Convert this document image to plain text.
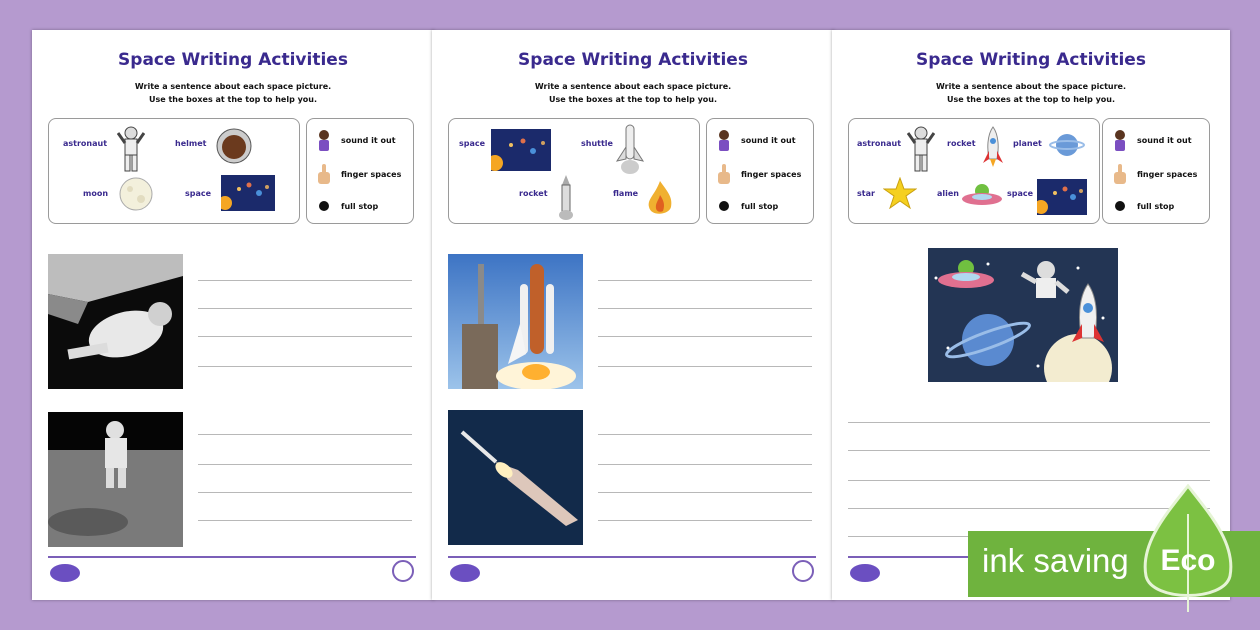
Space Writing Activities
Write a sentence about each space picture.
Use the boxes at the top to help you.
astronaut	helmet
moon	space
sound it out
finger spaces
full stop
Space Writing Activities
Write a sentence about each space picture.
Use the boxes at the top to help you.
space	shuttle
rocket	flame
sound it out
finger spaces
full stop
Space Writing Activities
Write a sentence about the space picture.
Use the boxes at the top to help you.
astronaut	rocket	planet
star	alien	space
sound it out
finger spaces
full stop
ink saving Eco
